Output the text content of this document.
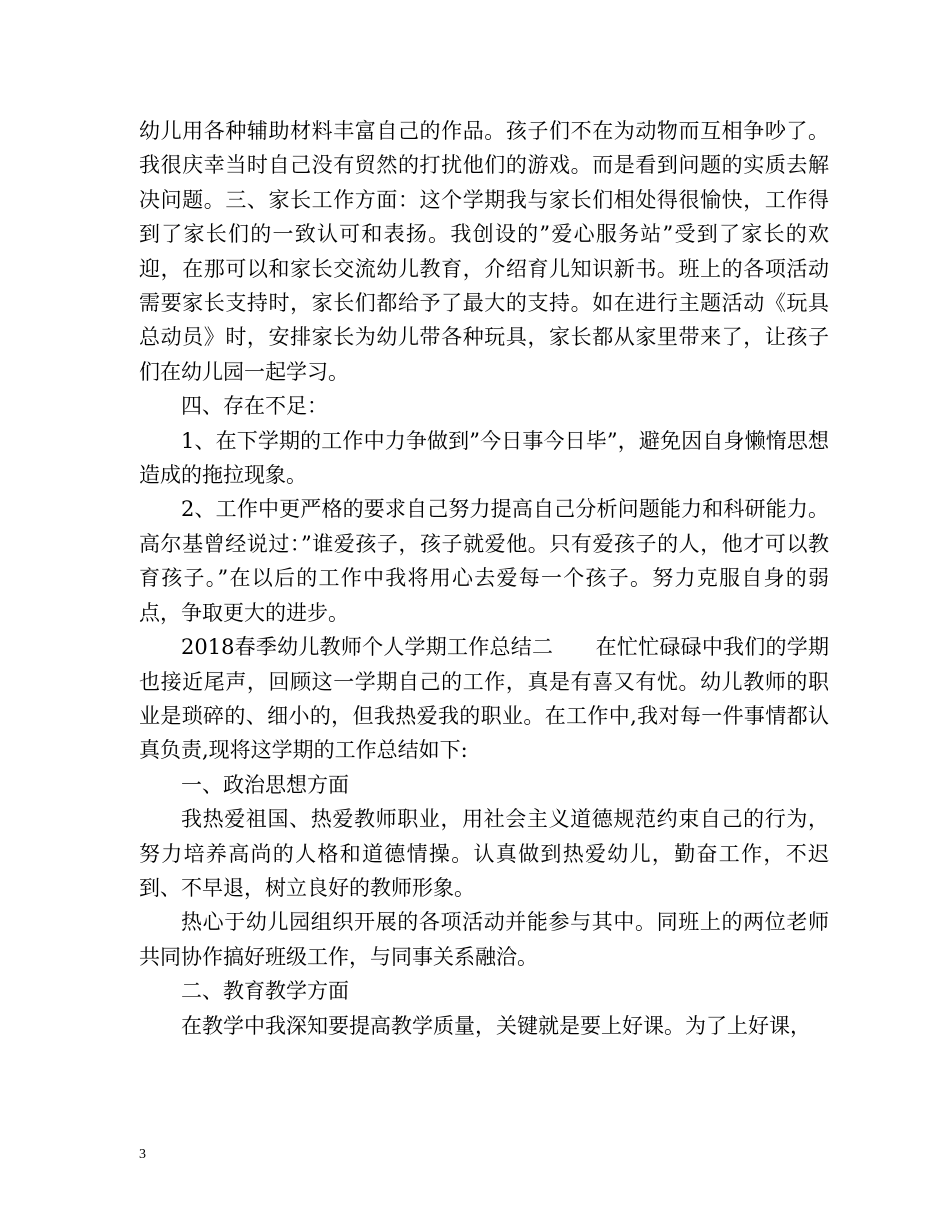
幼儿用各种辅助材料丰富自己的作品。孩子们不在为动物而互相争吵了。我很庆幸当时自己没有贸然的打扰他们的游戏。而是看到问题的实质去解决问题。三、家长工作方面：这个学期我与家长们相处得很愉快，工作得到了家长们的一致认可和表扬。我创设的”爱心服务站”受到了家长的欢迎，在那可以和家长交流幼儿教育，介绍育儿知识新书。班上的各项活动需要家长支持时，家长们都给予了最大的支持。如在进行主题活动《玩具总动员》时，安排家长为幼儿带各种玩具，家长都从家里带来了，让孩子们在幼儿园一起学习。

四、存在不足：

1、在下学期的工作中力争做到”今日事今日毕”，避免因自身懒惰思想造成的拖拉现象。

2、工作中更严格的要求自己努力提高自己分析问题能力和科研能力。高尔基曾经说过：”谁爱孩子，孩子就爱他。只有爱孩子的人，他才可以教育孩子。”在以后的工作中我将用心去爱每一个孩子。努力克服自身的弱点，争取更大的进步。

2018春季幼儿教师个人学期工作总结二　　在忙忙碌碌中我们的学期也接近尾声，回顾这一学期自己的工作，真是有喜又有忧。幼儿教师的职业是琐碎的、细小的，但我热爱我的职业。在工作中,我对每一件事情都认真负责,现将这学期的工作总结如下:

一、政治思想方面

我热爱祖国、热爱教师职业，用社会主义道德规范约束自己的行为，努力培养高尚的人格和道德情操。认真做到热爱幼儿，勤奋工作，不迟到、不早退，树立良好的教师形象。

热心于幼儿园组织开展的各项活动并能参与其中。同班上的两位老师共同协作搞好班级工作，与同事关系融洽。

二、教育教学方面

在教学中我深知要提高教学质量，关键就是要上好课。为了上好课，

3
